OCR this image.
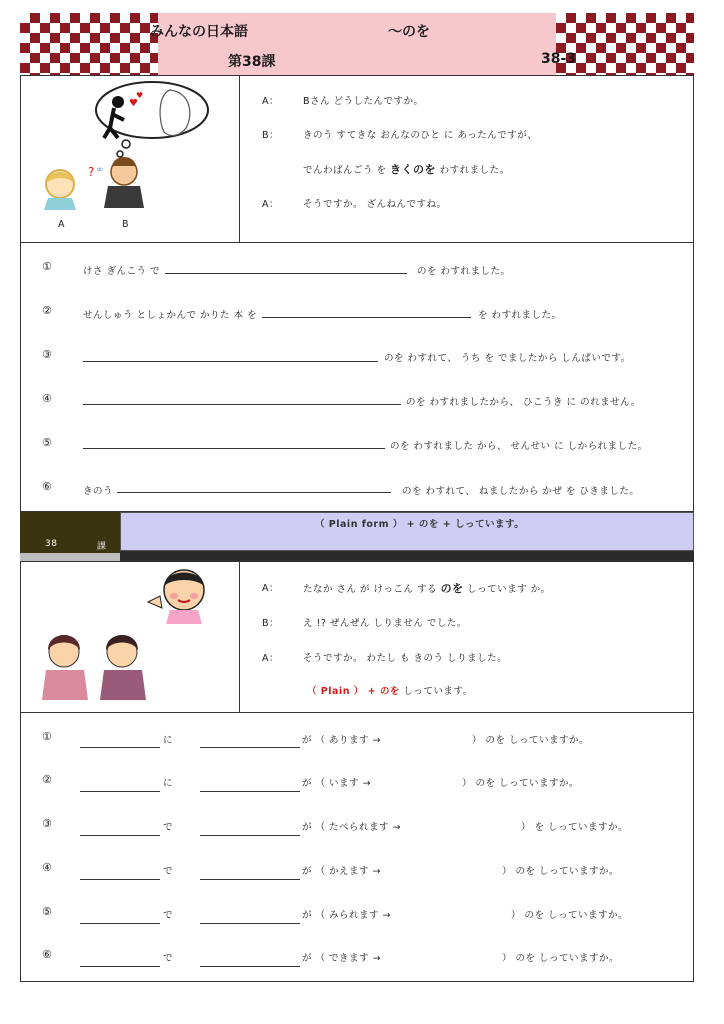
みんなの日本語	～のを
第38課	38-3
♥
♥
? ∞
A	B
A：	Bさん どうしたんですか。
B：	きのう すてきな おんなのひと に あったんですが、
でんわばんごう を きくのを わすれました。
A：	そうですか。 ざんねんですね。
①	けさ ぎんこう で	のを わすれました。
②	せんしゅう としょかんで かりた 本 を	を わすれました。
③	のを わすれて、 うち を でましたから しんぱいです。
④	のを わすれましたから、 ひこうき に のれません。
⑤	のを わすれました から、 せんせい に しかられました。
⑥	きのう	のを わすれて、 ねましたから かぜ を ひきました。
38	課
（ Plain form ） + のを + しっています。
A：	たなか さん が けっこん する のを しっています か。
B：	え !? ぜんぜん しりません でした。
A：	そうですか。 わたし も きのう しりました。
（ Plain ） + のを しっています。
①	に	が （ あります →	） のを しっていますか。
②	に	が （ います →	） のを しっていますか。
③	で	が （ たべられます →	） を しっていますか。
④	で	が （ かえます →	） のを しっていますか。
⑤	で	が （ みられます →	） のを しっていますか。
⑥	で	が （ できます →	） のを しっていますか。
